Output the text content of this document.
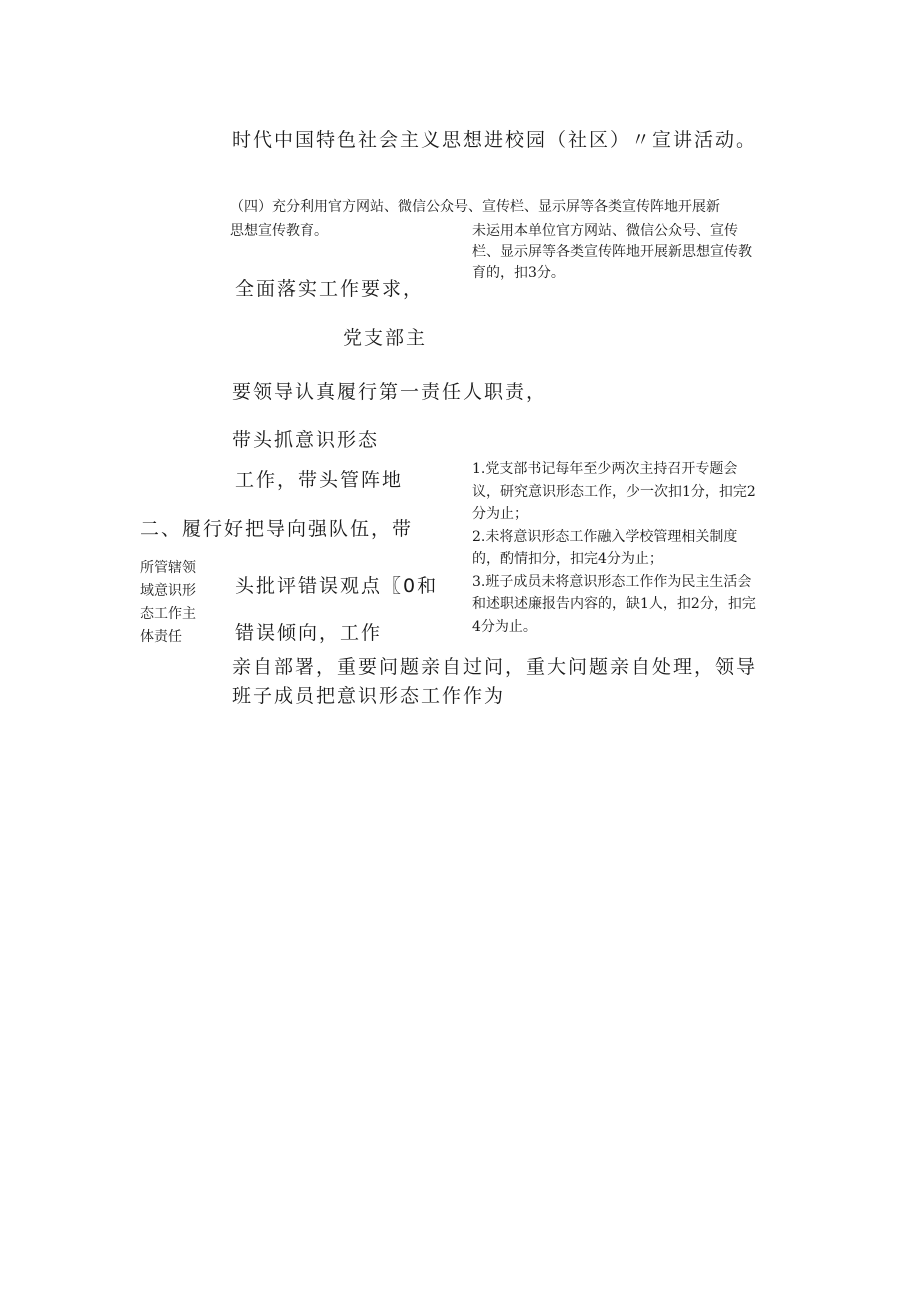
时代中国特色社会主义思想进校园（社区）〃宣讲活动。

（四）充分利用官方网站、微信公众号、宣传栏、显示屏等各类宣传阵地开展新

思想宣传教育。	未运用本单位官方网站、微信公众号、宣传
栏、显示屏等各类宣传阵地开展新思想宣传教
育的，扣3分。

全面落实工作要求，

党支部主

要领导认真履行第一责任人职责，

带头抓意识形态

工作，带头管阵地

二、履行好把导向强队伍，带

头批评错误观点〖0和

错误倾向，工作

亲自部署，重要问题亲自过问，重大问题亲自处理，领导

班子成员把意识形态工作作为

所管辖领
域意识形
态工作主
体责任
1.党支部书记每年至少两次主持召开专题会
议，研究意识形态工作，少一次扣1分，扣完2
分为止；
2.未将意识形态工作融入学校管理相关制度
的，酌情扣分，扣完4分为止；
3.班子成员未将意识形态工作作为民主生活会
和述职述廉报告内容的，缺1人，扣2分，扣完
4分为止。
